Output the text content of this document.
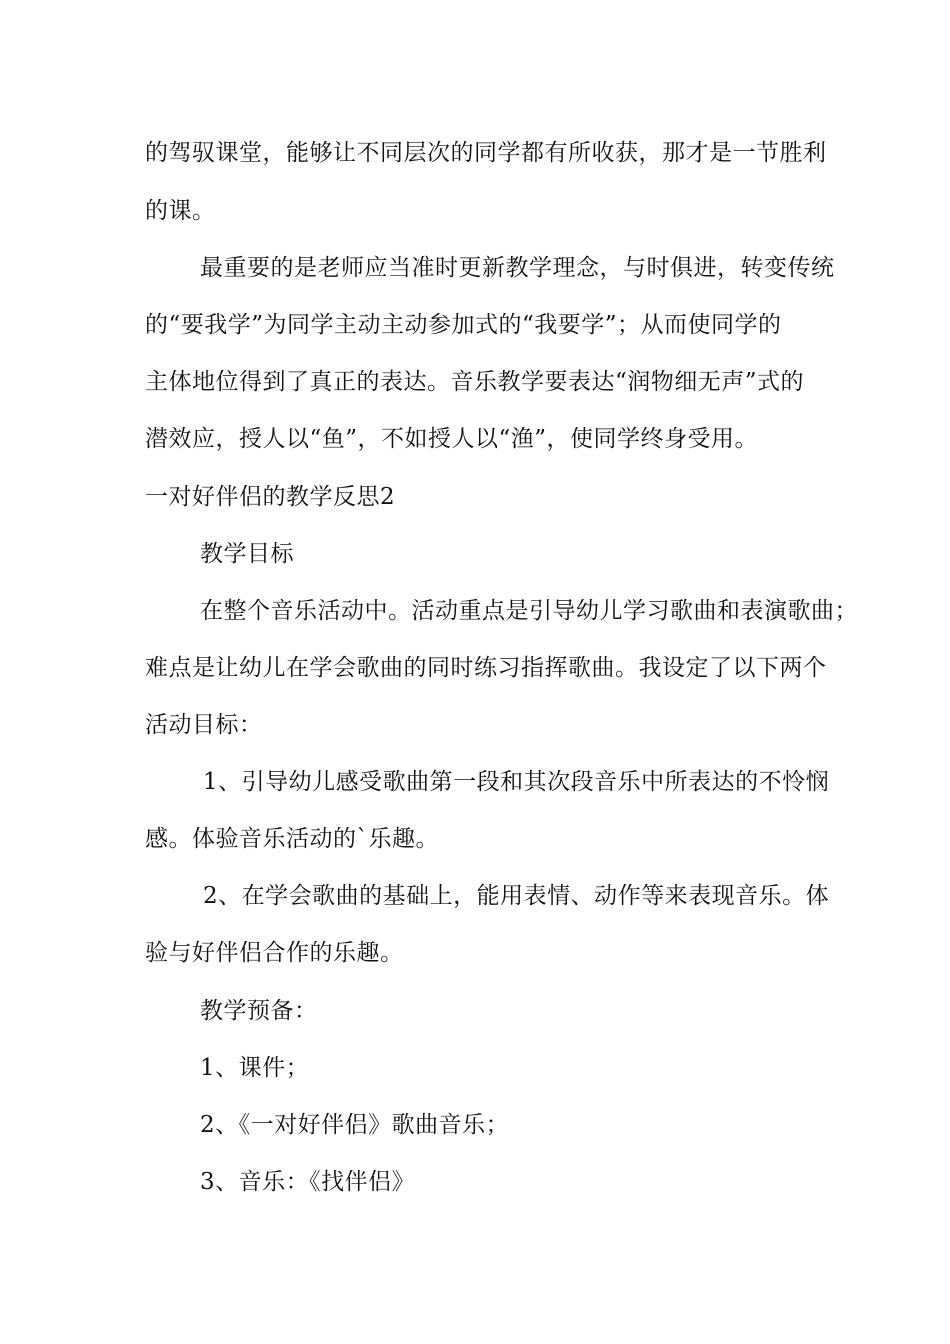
的驾驭课堂，能够让不同层次的同学都有所收获，那才是一节胜利
的课。
最重要的是老师应当准时更新教学理念，与时俱进，转变传统
的“要我学”为同学主动主动参加式的“我要学”；从而使同学的
主体地位得到了真正的表达。音乐教学要表达“润物细无声”式的
潜效应，授人以“鱼”，不如授人以“渔”，使同学终身受用。
一对好伴侣的教学反思2
教学目标
在整个音乐活动中。活动重点是引导幼儿学习歌曲和表演歌曲；
难点是让幼儿在学会歌曲的同时练习指挥歌曲。我设定了以下两个
活动目标：
1、引导幼儿感受歌曲第一段和其次段音乐中所表达的不怜悯
感。体验音乐活动的`乐趣。
2、在学会歌曲的基础上，能用表情、动作等来表现音乐。体
验与好伴侣合作的乐趣。
教学预备：
1、课件；
2、《一对好伴侣》歌曲音乐；
3、音乐：《找伴侣》
